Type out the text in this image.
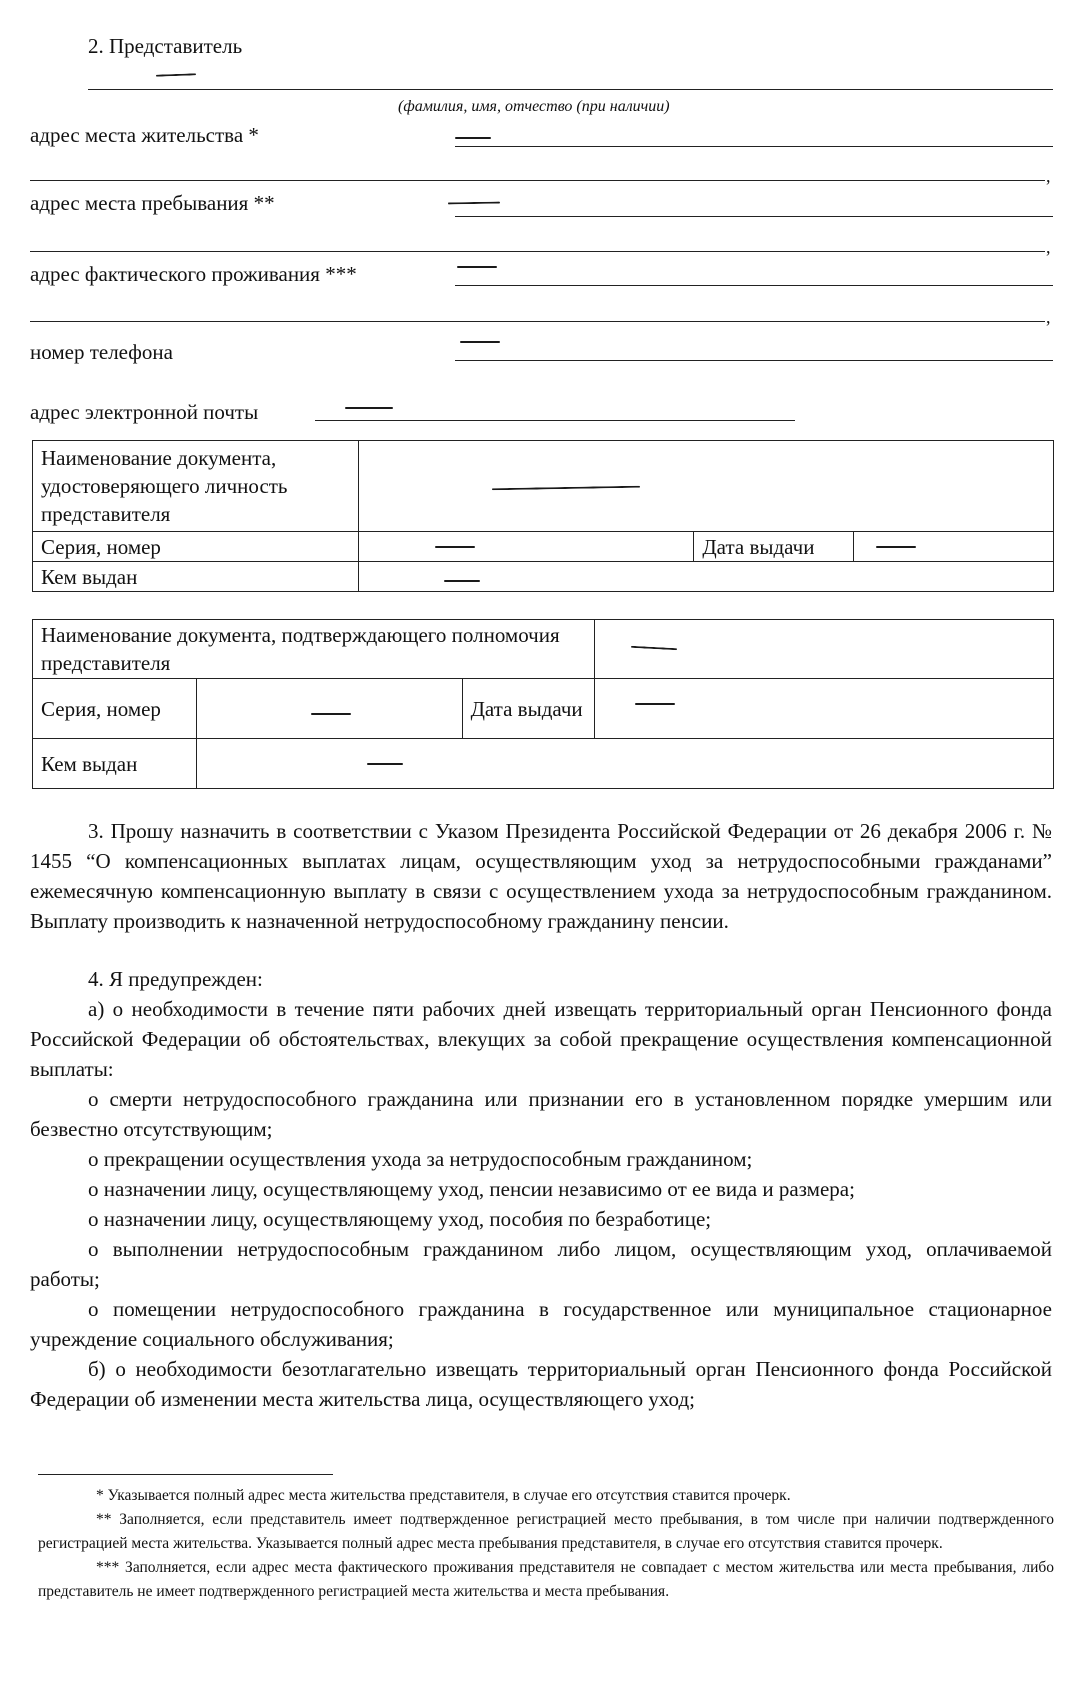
2. Представитель
(фамилия, имя, отчество (при наличии)
адрес места жительства *
,
адрес места пребывания **
,
адрес фактического проживания ***
,
номер телефона
адрес электронной почты
Наименование документа, удостоверяющего личность представителя			

Серия, номер		Дата выдачи	

Кем выдан			
Наименование документа, подтверждающего полномочия представителя			

Серия, номер		Дата выдачи	

Кем выдан			

3. Прошу назначить в соответствии с Указом Президента Российской Федерации от 26 декабря 2006 г. № 1455 “О компенсационных выплатах лицам, осуществляющим уход за нетрудоспособными гражданами” ежемесячную компенсационную выплату в связи с осуществлением ухода за нетрудоспособным гражданином. Выплату производить к назначенной нетрудоспособному гражданину пенсии.

4. Я предупрежден:

а) о необходимости в течение пяти рабочих дней извещать территориальный орган Пенсионного фонда Российской Федерации об обстоятельствах, влекущих за собой прекращение осуществления компенсационной выплаты:

о смерти нетрудоспособного гражданина или признании его в установленном порядке умершим или безвестно отсутствующим;

о прекращении осуществления ухода за нетрудоспособным гражданином;

о назначении лицу, осуществляющему уход, пенсии независимо от ее вида и размера;

о назначении лицу, осуществляющему уход, пособия по безработице;

о выполнении нетрудоспособным гражданином либо лицом, осуществляющим уход, оплачиваемой работы;

о помещении нетрудоспособного гражданина в государственное или муниципальное стационарное учреждение социального обслуживания;

б) о необходимости безотлагательно извещать территориальный орган Пенсионного фонда Российской Федерации об изменении места жительства лица, осуществляющего уход;

* Указывается полный адрес места жительства представителя, в случае его отсутствия ставится прочерк.

** Заполняется, если представитель имеет подтвержденное регистрацией место пребывания, в том числе при наличии подтвержденного регистрацией места жительства. Указывается полный адрес места пребывания представителя, в случае его отсутствия ставится прочерк.

*** Заполняется, если адрес места фактического проживания представителя не совпадает с местом жительства или места пребывания, либо представитель не имеет подтвержденного регистрацией места жительства и места пребывания.
